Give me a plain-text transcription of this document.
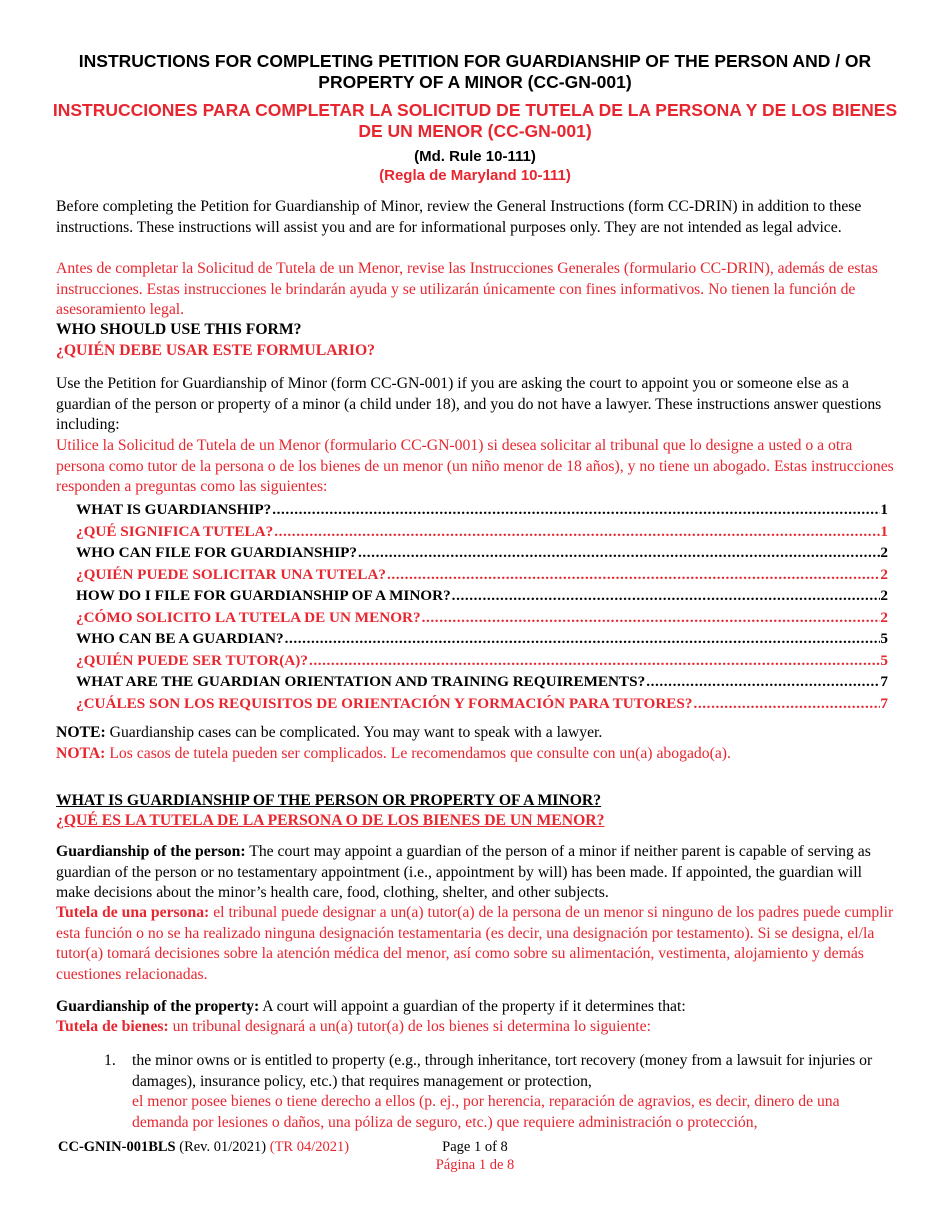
INSTRUCTIONS FOR COMPLETING PETITION FOR GUARDIANSHIP OF THE PERSON AND / OR PROPERTY OF A MINOR (CC-GN-001)
INSTRUCCIONES PARA COMPLETAR LA SOLICITUD DE TUTELA DE LA PERSONA Y DE LOS BIENES DE UN MENOR (CC-GN-001)
(Md. Rule 10-111)
(Regla de Maryland 10-111)

Before completing the Petition for Guardianship of Minor, review the General Instructions (form CC-DRIN) in addition to these instructions. These instructions will assist you and are for informational purposes only. They are not intended as legal advice.

Antes de completar la Solicitud de Tutela de un Menor, revise las Instrucciones Generales (formulario CC-DRIN), además de estas instrucciones. Estas instrucciones le brindarán ayuda y se utilizarán únicamente con fines informativos. No tienen la función de asesoramiento legal.

WHO SHOULD USE THIS FORM?

¿QUIÉN DEBE USAR ESTE FORMULARIO?

Use the Petition for Guardianship of Minor (form CC-GN-001) if you are asking the court to appoint you or someone else as a guardian of the person or property of a minor (a child under 18), and you do not have a lawyer. These instructions answer questions including:

Utilice la Solicitud de Tutela de un Menor (formulario CC-GN-001) si desea solicitar al tribunal que lo designe a usted o a otra persona como tutor de la persona o de los bienes de un menor (un niño menor de 18 años), y no tiene un abogado. Estas instrucciones responden a preguntas como las siguientes:

WHAT IS GUARDIANSHIP? .....	1
¿QUÉ SIGNIFICA TUTELA? .....	1
WHO CAN FILE FOR GUARDIANSHIP? .....	2
¿QUIÉN PUEDE SOLICITAR UNA TUTELA? .....	2
HOW DO I FILE FOR GUARDIANSHIP OF A MINOR? .....	2
¿CÓMO SOLICITO LA TUTELA DE UN MENOR? .....	2
WHO CAN BE A GUARDIAN? .....	5
¿QUIÉN PUEDE SER TUTOR(A)? .....	5
WHAT ARE THE GUARDIAN ORIENTATION AND TRAINING REQUIREMENTS? .....	7
¿CUÁLES SON LOS REQUISITOS DE ORIENTACIÓN Y FORMACIÓN PARA TUTORES? .....	7

NOTE: Guardianship cases can be complicated. You may want to speak with a lawyer.

NOTA: Los casos de tutela pueden ser complicados. Le recomendamos que consulte con un(a) abogado(a).

WHAT IS GUARDIANSHIP OF THE PERSON OR PROPERTY OF A MINOR?

¿QUÉ ES LA TUTELA DE LA PERSONA O DE LOS BIENES DE UN MENOR?

Guardianship of the person: The court may appoint a guardian of the person of a minor if neither parent is capable of serving as guardian of the person or no testamentary appointment (i.e., appointment by will) has been made. If appointed, the guardian will make decisions about the minor’s health care, food, clothing, shelter, and other subjects.

Tutela de una persona: el tribunal puede designar a un(a) tutor(a) de la persona de un menor si ninguno de los padres puede cumplir esta función o no se ha realizado ninguna designación testamentaria (es decir, una designación por testamento). Si se designa, el/la tutor(a) tomará decisiones sobre la atención médica del menor, así como sobre su alimentación, vestimenta, alojamiento y demás cuestiones relacionadas.

Guardianship of the property: A court will appoint a guardian of the property if it determines that:

Tutela de bienes: un tribunal designará a un(a) tutor(a) de los bienes si determina lo siguiente:

1. the minor owns or is entitled to property (e.g., through inheritance, tort recovery (money from a lawsuit for injuries or damages), insurance policy, etc.) that requires management or protection,
el menor posee bienes o tiene derecho a ellos (p. ej., por herencia, reparación de agravios, es decir, dinero de una demanda por lesiones o daños, una póliza de seguro, etc.) que requiere administración o protección,
CC-GNIN-001BLS (Rev. 01/2021) (TR 04/2021)	Page 1 of 8
Página 1 de 8
